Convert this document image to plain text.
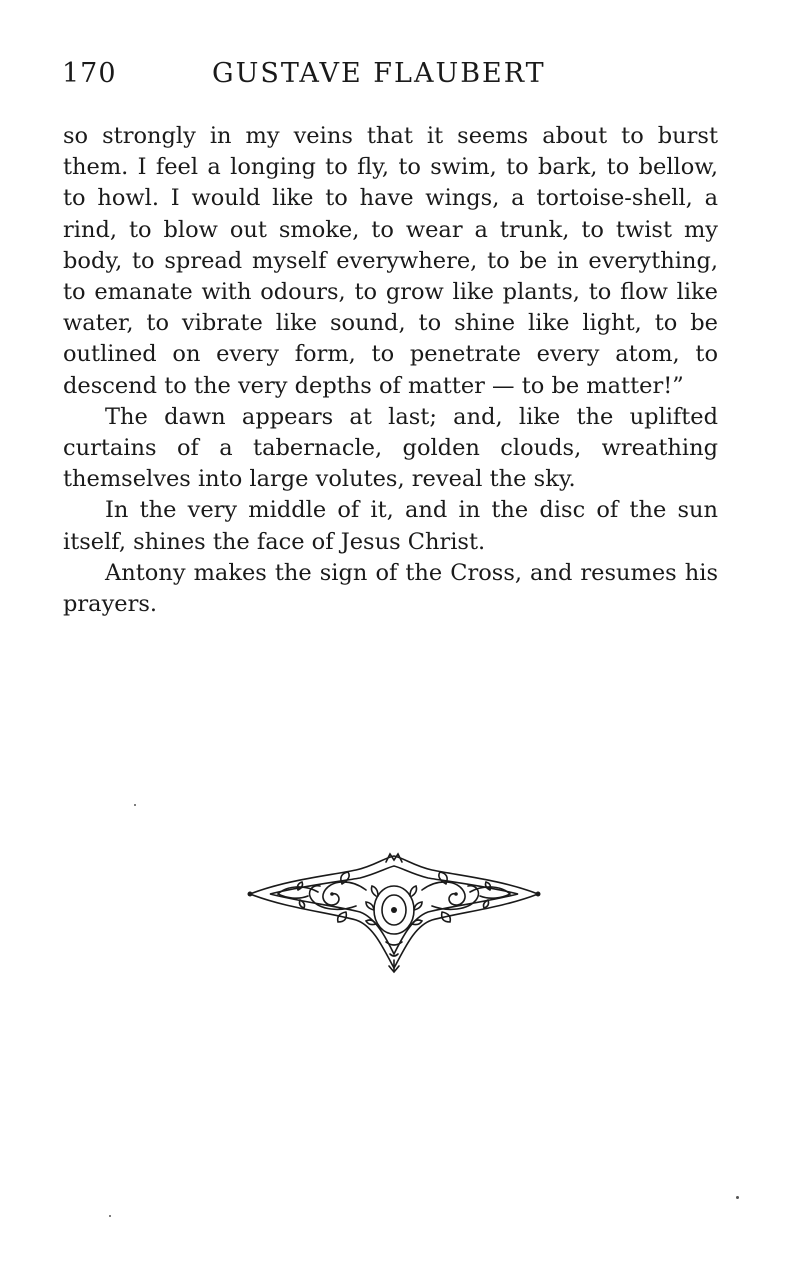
170	GUSTAVE FLAUBERT

so strongly in my veins that it seems about to burst them. I feel a longing to fly, to swim, to bark, to bellow, to howl. I would like to have wings, a tortoise-shell, a rind, to blow out smoke, to wear a trunk, to twist my body, to spread myself everywhere, to be in everything, to emanate with odours, to grow like plants, to flow like water, to vibrate like sound, to shine like light, to be outlined on every form, to penetrate every atom, to descend to the very depths of matter — to be matter!”

The dawn appears at last; and, like the uplifted curtains of a tabernacle, golden clouds, wreathing themselves into large volutes, reveal the sky.

In the very middle of it, and in the disc of the sun itself, shines the face of Jesus Christ.

Antony makes the sign of the Cross, and resumes his prayers.
